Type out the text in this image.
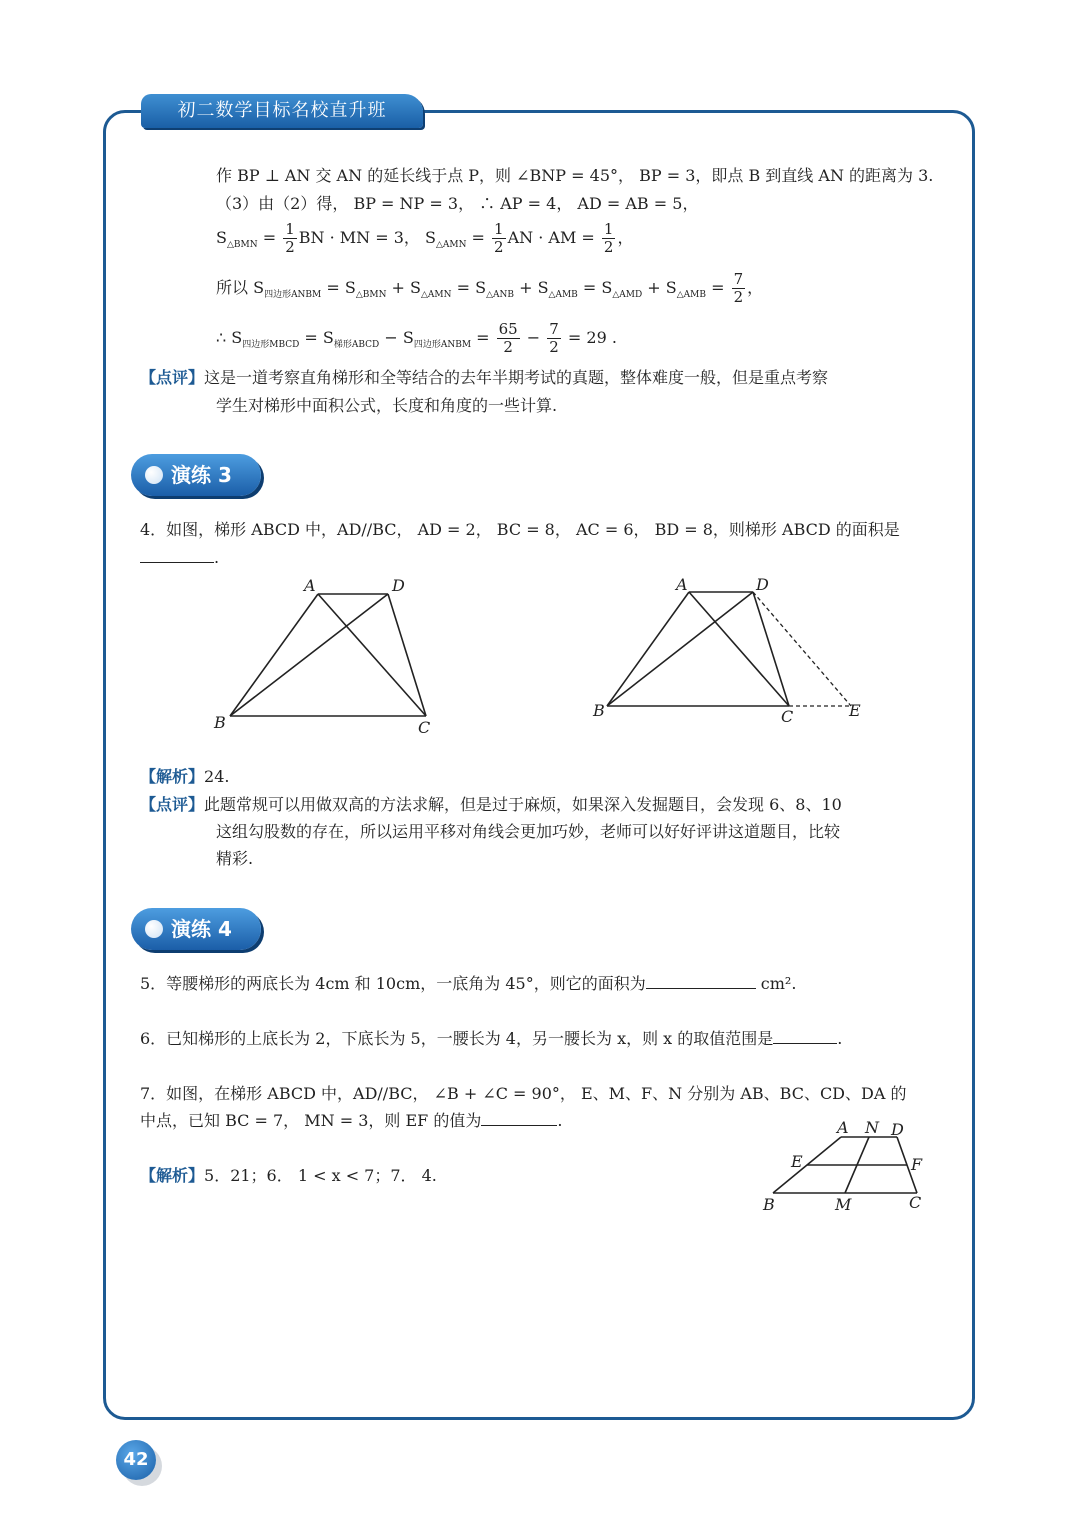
初二数学目标名校直升班
作 BP ⊥ AN 交 AN 的延长线于点 P，则 ∠BNP = 45°， BP = 3，即点 B 到直线 AN 的距离为 3.
（3）由（2）得， BP = NP = 3， ∴ AP = 4， AD = AB = 5，
$S_{\triangle BMN} = \frac{1}{2}$ BN · MN = 3， $S_{\triangle AMN} = \frac{1}{2}$ AN · AM = $\frac{1}{2}$ ，
所以 $S_{四边形ANBM} = S_{\triangle BMN} + S_{\triangle AMN} = S_{\triangle ANB} + S_{\triangle AMB} = S_{\triangle AMD} + S_{\triangle AMB} = \frac{7}{2}$ ，
∴ $S_{四边形MBCD} = S_{梯形ABCD} - S_{四边形ANBM} = \frac{65}{2} - \frac{7}{2} = 29$ .
【点评】这是一道考察直角梯形和全等结合的去年半期考试的真题，整体难度一般，但是重点考察
学生对梯形中面积公式，长度和角度的一些计算.
演练 3
4．如图，梯形 ABCD 中，AD//BC， AD = 2， BC = 8， AC = 6， BD = 8，则梯形 ABCD 的面积是
.
A	D
B	C
A	D
B	C	E
【解析】24.
【点评】此题常规可以用做双高的方法求解，但是过于麻烦，如果深入发掘题目，会发现 6、8、10
这组勾股数的存在，所以运用平移对角线会更加巧妙，老师可以好好评讲这道题目，比较
精彩.
演练 4
5．等腰梯形的两底长为 4cm 和 10cm，一底角为 45°，则它的面积为	cm².
6．已知梯形的上底长为 2，下底长为 5，一腰长为 4，另一腰长为 x，则 x 的取值范围是	.
7．如图，在梯形 ABCD 中，AD//BC， ∠B + ∠C = 90°， E、M、F、N 分别为 AB、BC、CD、DA 的
中点，已知 BC = 7， MN = 3，则 EF 的值为	.	A N D
E	F
B	M	C
【解析】5．21；6． 1 < x < 7；7． 4.
42
